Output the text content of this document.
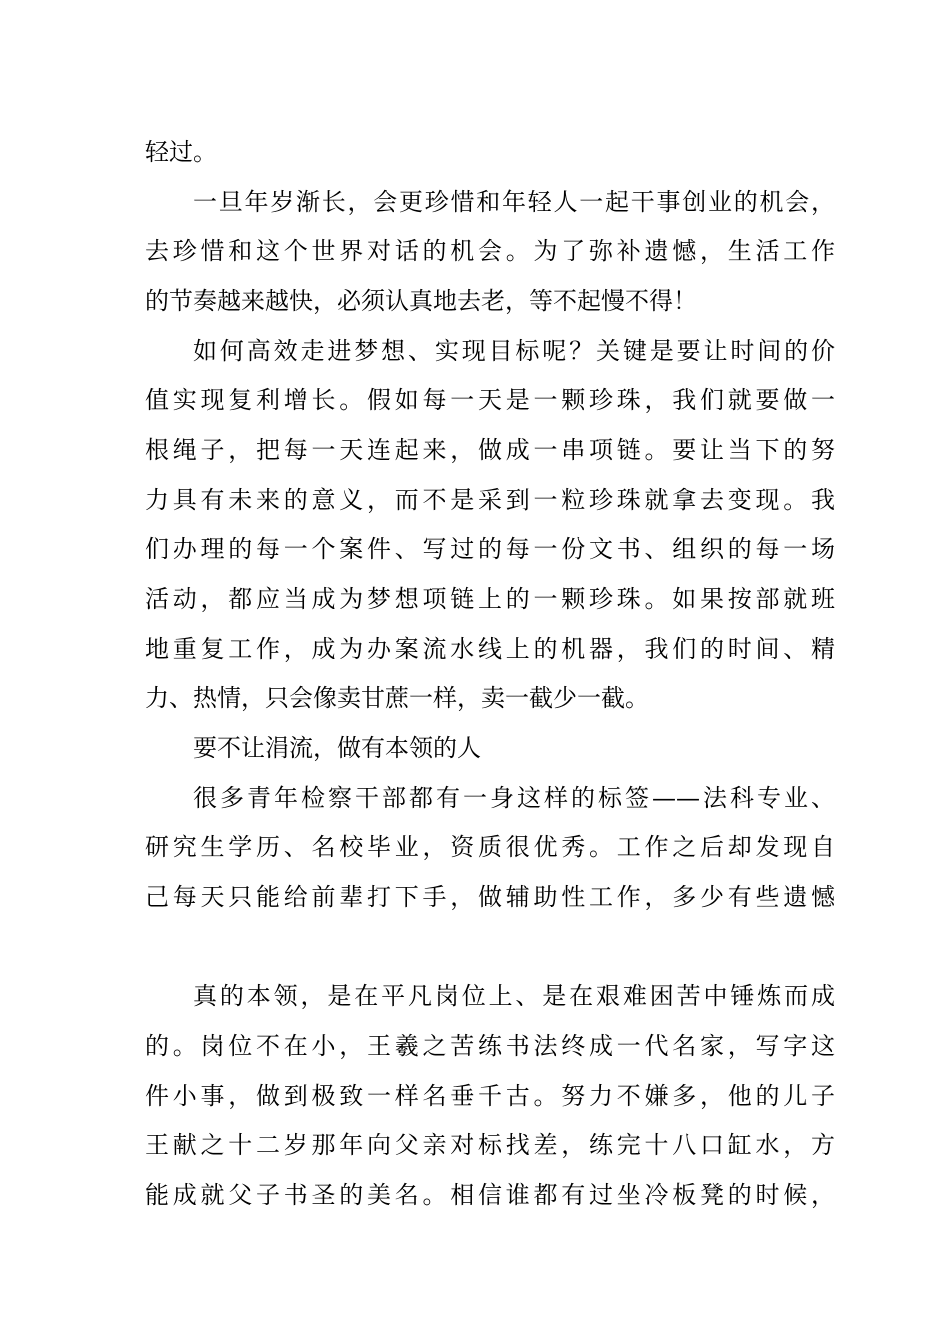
轻过。
一旦年岁渐长，会更珍惜和年轻人一起干事创业的机会，
去珍惜和这个世界对话的机会。为了弥补遗憾，生活工作
的节奏越来越快，必须认真地去老，等不起慢不得！
如何高效走进梦想、实现目标呢？关键是要让时间的价
值实现复利增长。假如每一天是一颗珍珠，我们就要做一
根绳子，把每一天连起来，做成一串项链。要让当下的努
力具有未来的意义，而不是采到一粒珍珠就拿去变现。我
们办理的每一个案件、写过的每一份文书、组织的每一场
活动，都应当成为梦想项链上的一颗珍珠。如果按部就班
地重复工作，成为办案流水线上的机器，我们的时间、精
力、热情，只会像卖甘蔗一样，卖一截少一截。
要不让涓流，做有本领的人
很多青年检察干部都有一身这样的标签——法科专业、
研究生学历、名校毕业，资质很优秀。工作之后却发现自
己每天只能给前辈打下手，做辅助性工作，多少有些遗憾
真的本领，是在平凡岗位上、是在艰难困苦中锤炼而成
的。岗位不在小，王羲之苦练书法终成一代名家，写字这
件小事，做到极致一样名垂千古。努力不嫌多，他的儿子
王献之十二岁那年向父亲对标找差，练完十八口缸水，方
能成就父子书圣的美名。相信谁都有过坐冷板凳的时候，
